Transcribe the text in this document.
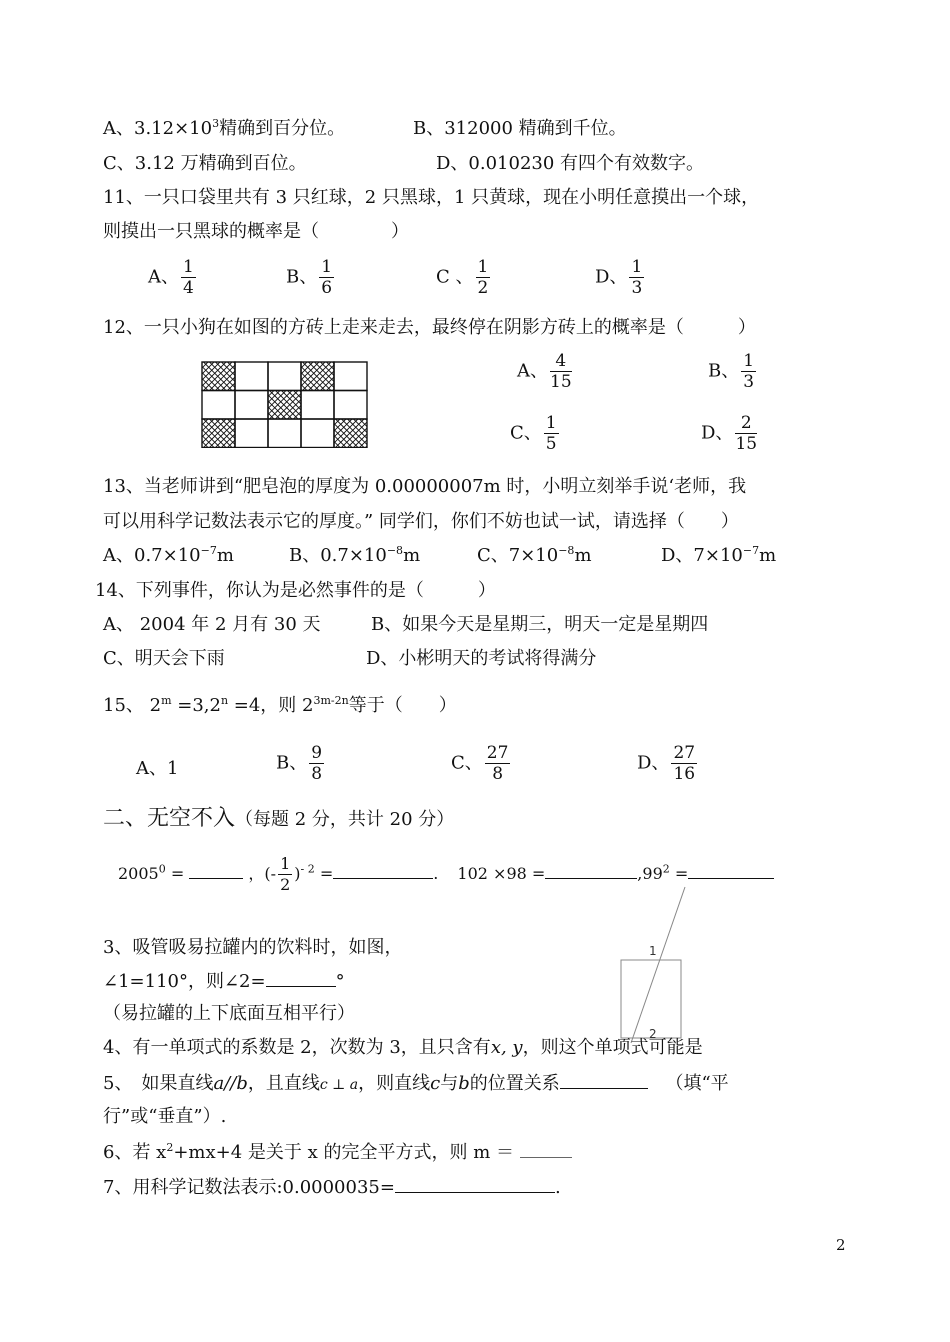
A、$3.12\times 10^3$精确到百分位。	B、312000 精确到千位。
C、3.12 万精确到百位。	D、0.010230 有四个有效数字。
11、一只口袋里共有 3 只红球，2 只黑球，1 只黄球，现在小明任意摸出一个球，
则摸出一只黑球的概率是（　　　　）
A、 $\frac{1}{4}$	B、 $\frac{1}{6}$	C 、 $\frac{1}{2}$	D、 $\frac{1}{3}$
12、一只小狗在如图的方砖上走来走去，最终停在阴影方砖上的概率是（　　　）
A、 $\frac{4}{15}$	B、 $\frac{1}{3}$
C、 $\frac{1}{5}$	D、 $\frac{2}{15}$
13、当老师讲到“肥皂泡的厚度为 0.00000007m 时，小明立刻举手说‘老师，我
可以用科学记数法表示它的厚度。” 同学们，你们不妨也试一试，请选择（　　）
A、$0.7\times 10^{-7}m$	B、$0.7\times 10^{-8}m$	C、$7\times 10^{-8}m$	D、$7\times 10^{-7}m$
14、下列事件，你认为是必然事件的是（　　　）
A、 2004 年 2 月有 30 天	B、如果今天是星期三，明天一定是星期四
C、明天会下雨	D、小彬明天的考试将得满分
15、 $2^m =3,2^n =4$，则 $2^{3m-2n}$等于（　　）
A、1	B、 $\frac{9}{8}$	C、 $\frac{27}{8}$	D、 $\frac{27}{16}$
二、无空不入（每题 2 分，共计 20 分）
$2005^0$ =	，(- $\frac{1}{2} )^{- 2}$ =	. 102 ×98 =	$,99^2$ =
3、吸管吸易拉罐内的饮料时，如图，
∠1=110°，则∠2=	°
（易拉罐的上下底面互相平行）
1
2
4、有一单项式的系数是 2，次数为 3，且只含有x, y，则这个单项式可能是
5、　如果直线a//b，且直线c ⊥ a，则直线c与b的位置关系	（填“平
行”或“垂直”）.
6、若 $x^2+mx+4$ 是关于 x 的完全平方式，则 m ＝
7、用科学记数法表示:0.0000035=	.
2
